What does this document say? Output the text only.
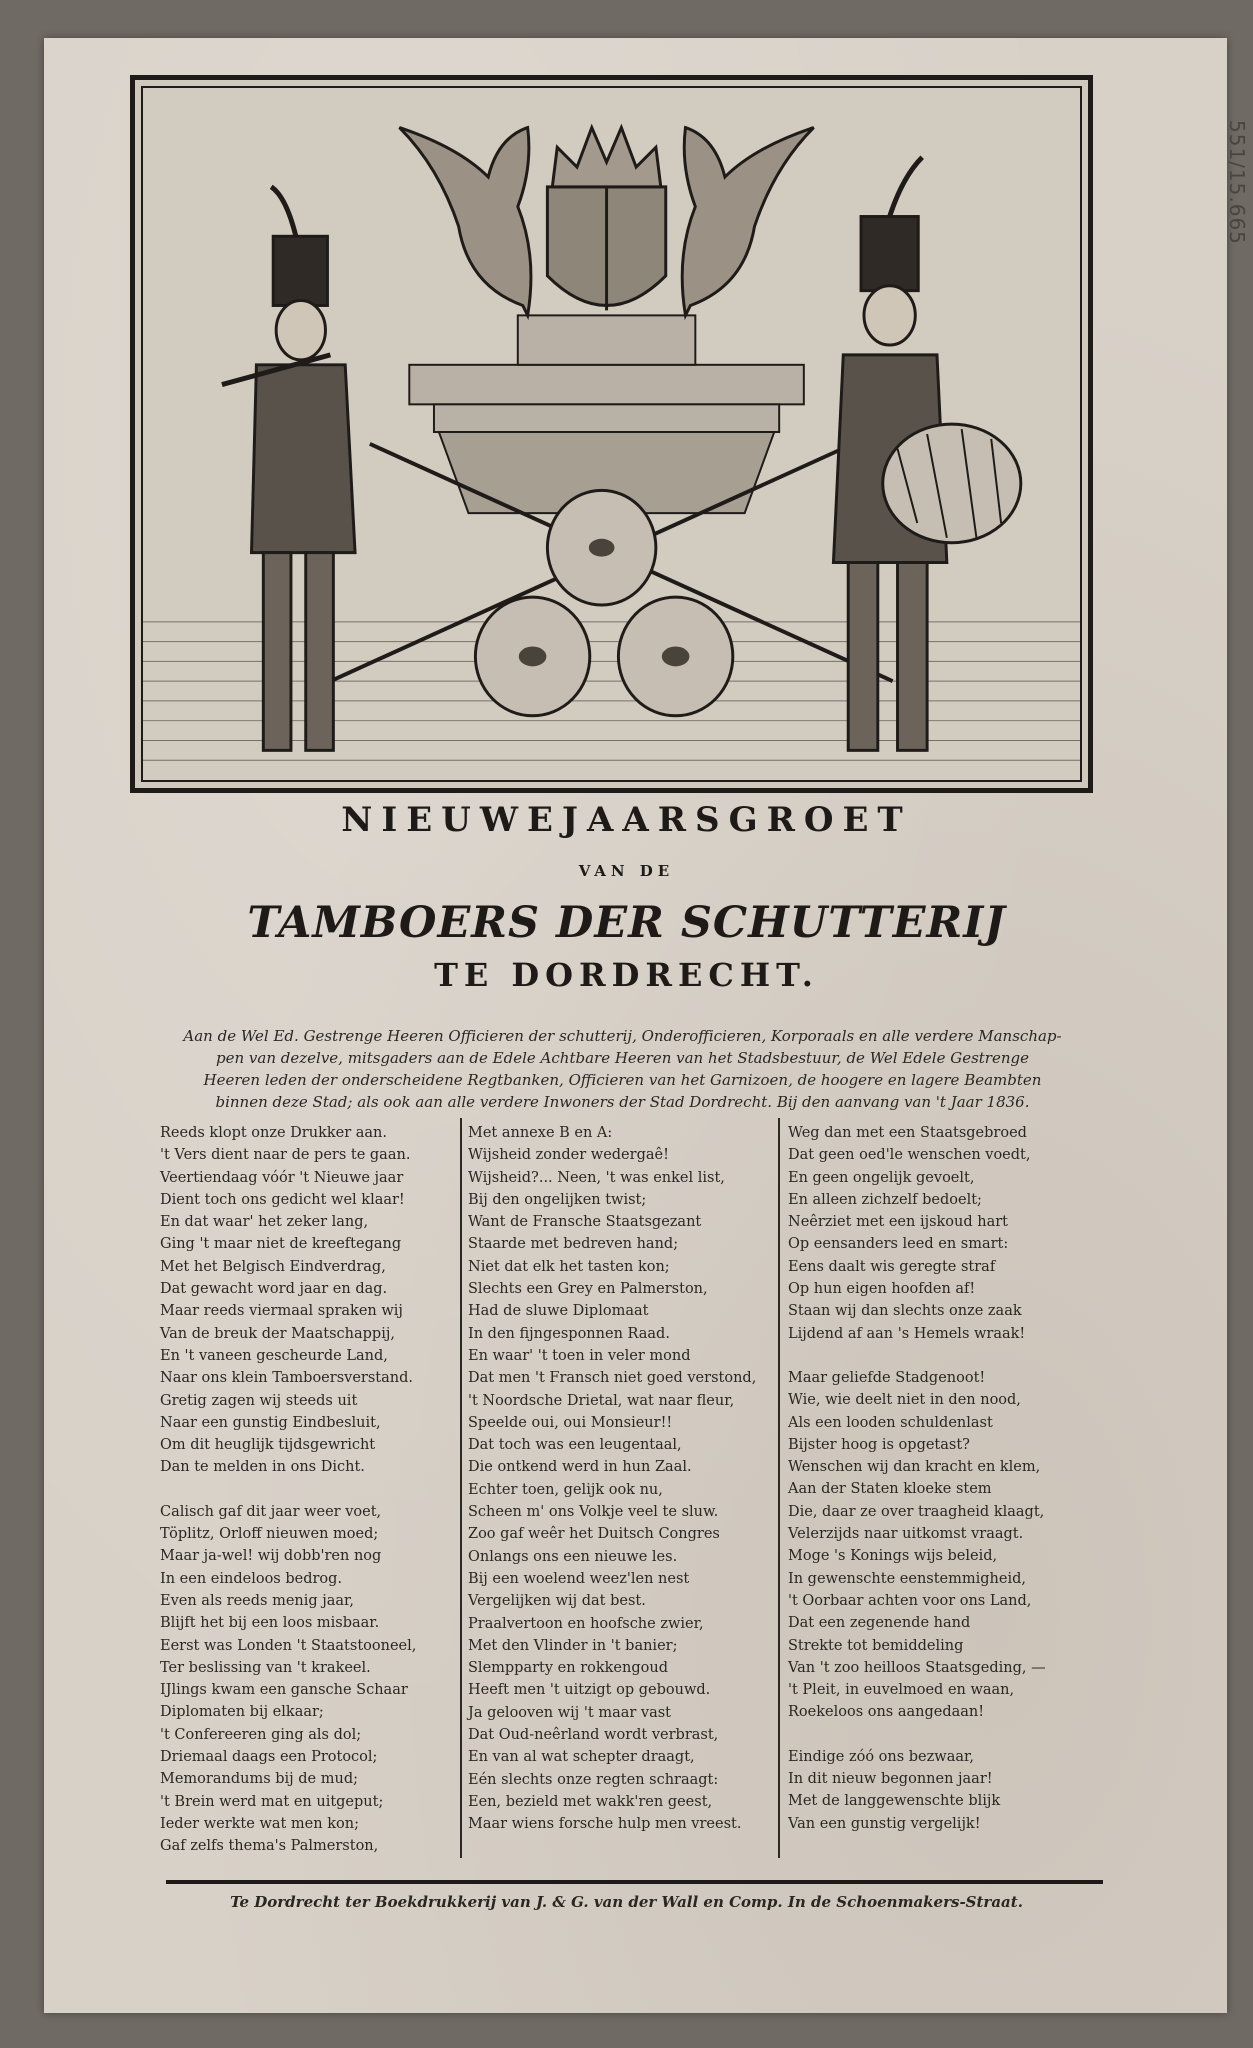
551/15.665
NIEUWEJAARSGROET
VAN DE
TAMBOERS DER SCHUTTERIJ
TE DORDRECHT.
Aan de Wel Ed. Gestrenge Heeren Officieren der schutterij, Onderofficieren, Korporaals en alle verdere Manschap-
pen van dezelve, mitsgaders aan de Edele Achtbare Heeren van het Stadsbestuur, de Wel Edele Gestrenge
Heeren leden der onderscheidene Regtbanken, Officieren van het Garnizoen, de hoogere en lagere Beambten
binnen deze Stad; als ook aan alle verdere Inwoners der Stad Dordrecht. Bij den aanvang van 't Jaar 1836.
Reeds klopt onze Drukker aan.
't Vers dient naar de pers te gaan.
Veertiendaag vóór 't Nieuwe jaar
Dient toch ons gedicht wel klaar!
En dat waar' het zeker lang,
Ging 't maar niet de kreeftegang
Met het Belgisch Eindverdrag,
Dat gewacht word jaar en dag.
Maar reeds viermaal spraken wij
Van de breuk der Maatschappij,
En 't vaneen gescheurde Land,
Naar ons klein Tamboersverstand.
Gretig zagen wij steeds uit
Naar een gunstig Eindbesluit,
Om dit heuglijk tijdsgewricht
Dan te melden in ons Dicht.
Calisch gaf dit jaar weer voet,
Töplitz, Orloff nieuwen moed;
Maar ja-wel! wij dobb'ren nog
In een eindeloos bedrog.
Even als reeds menig jaar,
Blijft het bij een loos misbaar.
Eerst was Londen 't Staatstooneel,
Ter beslissing van 't krakeel.
IJlings kwam een gansche Schaar
Diplomaten bij elkaar;
't Confereeren ging als dol;
Driemaal daags een Protocol;
Memorandums bij de mud;
't Brein werd mat en uitgeput;
Ieder werkte wat men kon;
Gaf zelfs thema's Palmerston,
Met annexe B en A:
Wijsheid zonder wedergaê!
Wijsheid?... Neen, 't was enkel list,
Bij den ongelijken twist;
Want de Fransche Staatsgezant
Staarde met bedreven hand;
Niet dat elk het tasten kon;
Slechts een Grey en Palmerston,
Had de sluwe Diplomaat
In den fijngesponnen Raad.
En waar' 't toen in veler mond
Dat men 't Fransch niet goed verstond,
't Noordsche Drietal, wat naar fleur,
Speelde oui, oui Monsieur!!
Dat toch was een leugentaal,
Die ontkend werd in hun Zaal.
Echter toen, gelijk ook nu,
Scheen m' ons Volkje veel te sluw.
Zoo gaf weêr het Duitsch Congres
Onlangs ons een nieuwe les.
Bij een woelend weez'len nest
Vergelijken wij dat best.
Praalvertoon en hoofsche zwier,
Met den Vlinder in 't banier;
Slempparty en rokkengoud
Heeft men 't uitzigt op gebouwd.
Ja gelooven wij 't maar vast
Dat Oud-neêrland wordt verbrast,
En van al wat schepter draagt,
Eén slechts onze regten schraagt:
Een, bezield met wakk'ren geest,
Maar wiens forsche hulp men vreest.
Weg dan met een Staatsgebroed
Dat geen oed'le wenschen voedt,
En geen ongelijk gevoelt,
En alleen zichzelf bedoelt;
Neêrziet met een ijskoud hart
Op eensanders leed en smart:
Eens daalt wis geregte straf
Op hun eigen hoofden af!
Staan wij dan slechts onze zaak
Lijdend af aan 's Hemels wraak!
Maar geliefde Stadgenoot!
Wie, wie deelt niet in den nood,
Als een looden schuldenlast
Bijster hoog is opgetast?
Wenschen wij dan kracht en klem,
Aan der Staten kloeke stem
Die, daar ze over traagheid klaagt,
Velerzijds naar uitkomst vraagt.
Moge 's Konings wijs beleid,
In gewenschte eenstemmigheid,
't Oorbaar achten voor ons Land,
Dat een zegenende hand
Strekte tot bemiddeling
Van 't zoo heilloos Staatsgeding, —
't Pleit, in euvelmoed en waan,
Roekeloos ons aangedaan!
Eindige zóó ons bezwaar,
In dit nieuw begonnen jaar!
Met de langgewenschte blijk
Van een gunstig vergelijk!
Te Dordrecht ter Boekdrukkerij van J. & G. van der Wall en Comp. In de Schoenmakers-Straat.
